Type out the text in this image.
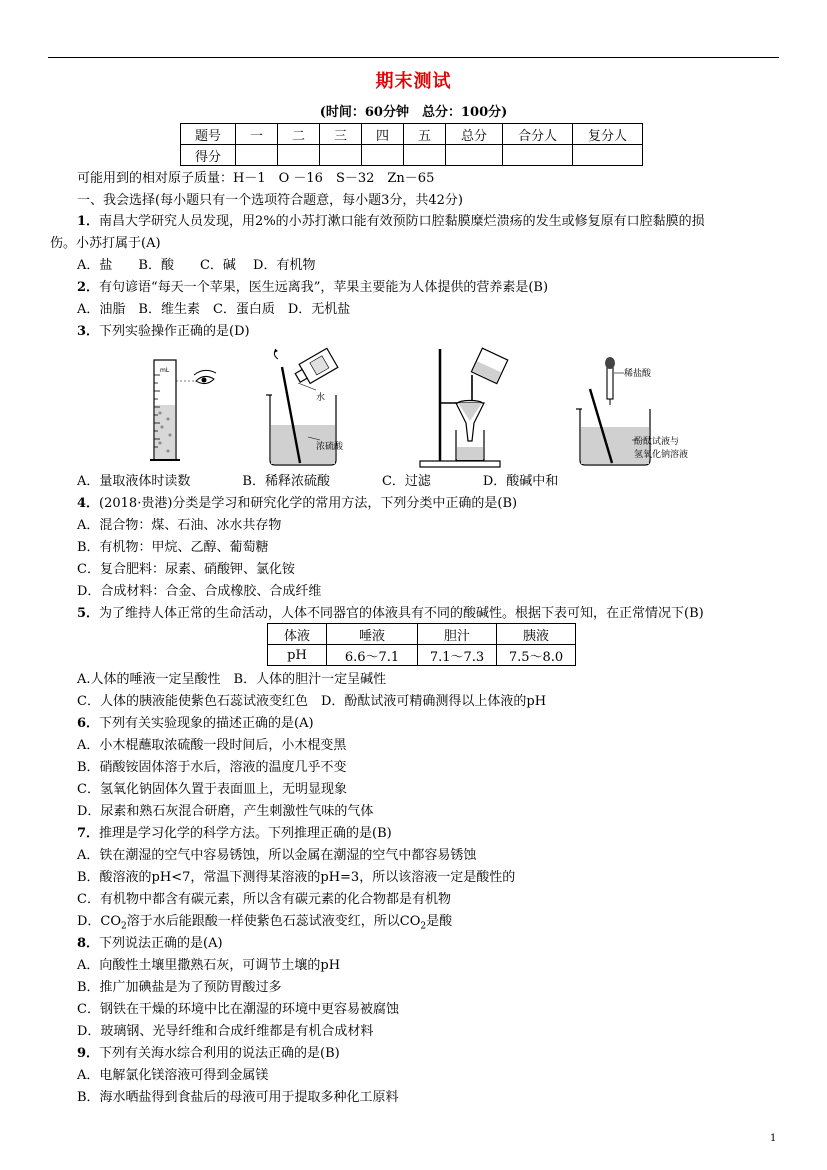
期末测试
(时间：60分钟　总分：100分)
题号	一	二	三	四	五	总分	合分人	复分人
得分								
可能用到的相对原子质量：H－1　O －16　S－32　Zn－65
一、我会选择(每小题只有一个选项符合题意，每小题3分，共42分)
1．南昌大学研究人员发现，用2%的小苏打漱口能有效预防口腔黏膜糜烂溃疡的发生或修复原有口腔黏膜的损
伤。小苏打属于(A)
A．盐　　B．酸　　C．碱　 D．有机物
2．有句谚语“每天一个苹果，医生远离我”，苹果主要能为人体提供的营养素是(B)
A．油脂　B．维生素　C．蛋白质　D．无机盐
3．下列实验操作正确的是(D)
mL
水
浓硫酸
稀盐酸
酚酞试液与
氢氧化钠溶液
A．量取液体时读数　　　　B．稀释浓硫酸　　　　C．过滤　　　　D．酸碱中和
4．(2018·贵港)分类是学习和研究化学的常用方法，下列分类中正确的是(B)
A．混合物：煤、石油、冰水共存物
B．有机物：甲烷、乙醇、葡萄糖
C．复合肥料：尿素、硝酸钾、氯化铵
D．合成材料：合金、合成橡胶、合成纤维
5．为了维持人体正常的生命活动，人体不同器官的体液具有不同的酸碱性。根据下表可知，在正常情况下(B)
体液	唾液	胆汁	胰液
pH	6.6～7.1	7.1～7.3	7.5～8.0
A.人体的唾液一定呈酸性　B．人体的胆汁一定呈碱性
C．人体的胰液能使紫色石蕊试液变红色　D．酚酞试液可精确测得以上体液的pH
6．下列有关实验现象的描述正确的是(A)
A．小木棍蘸取浓硫酸一段时间后，小木棍变黑
B．硝酸铵固体溶于水后，溶液的温度几乎不变
C．氢氧化钠固体久置于表面皿上，无明显现象
D．尿素和熟石灰混合研磨，产生刺激性气味的气体
7．推理是学习化学的科学方法。下列推理正确的是(B)
A．铁在潮湿的空气中容易锈蚀，所以金属在潮湿的空气中都容易锈蚀
B．酸溶液的pH<7，常温下测得某溶液的pH=3，所以该溶液一定是酸性的
C．有机物中都含有碳元素，所以含有碳元素的化合物都是有机物
D．$CO_2$溶于水后能跟酸一样使紫色石蕊试液变红，所以$CO_2$是酸
8．下列说法正确的是(A)
A．向酸性土壤里撒熟石灰，可调节土壤的pH
B．推广加碘盐是为了预防胃酸过多
C．钢铁在干燥的环境中比在潮湿的环境中更容易被腐蚀
D．玻璃钢、光导纤维和合成纤维都是有机合成材料
9．下列有关海水综合利用的说法正确的是(B)
A．电解氯化镁溶液可得到金属镁
B．海水晒盐得到食盐后的母液可用于提取多种化工原料
1
